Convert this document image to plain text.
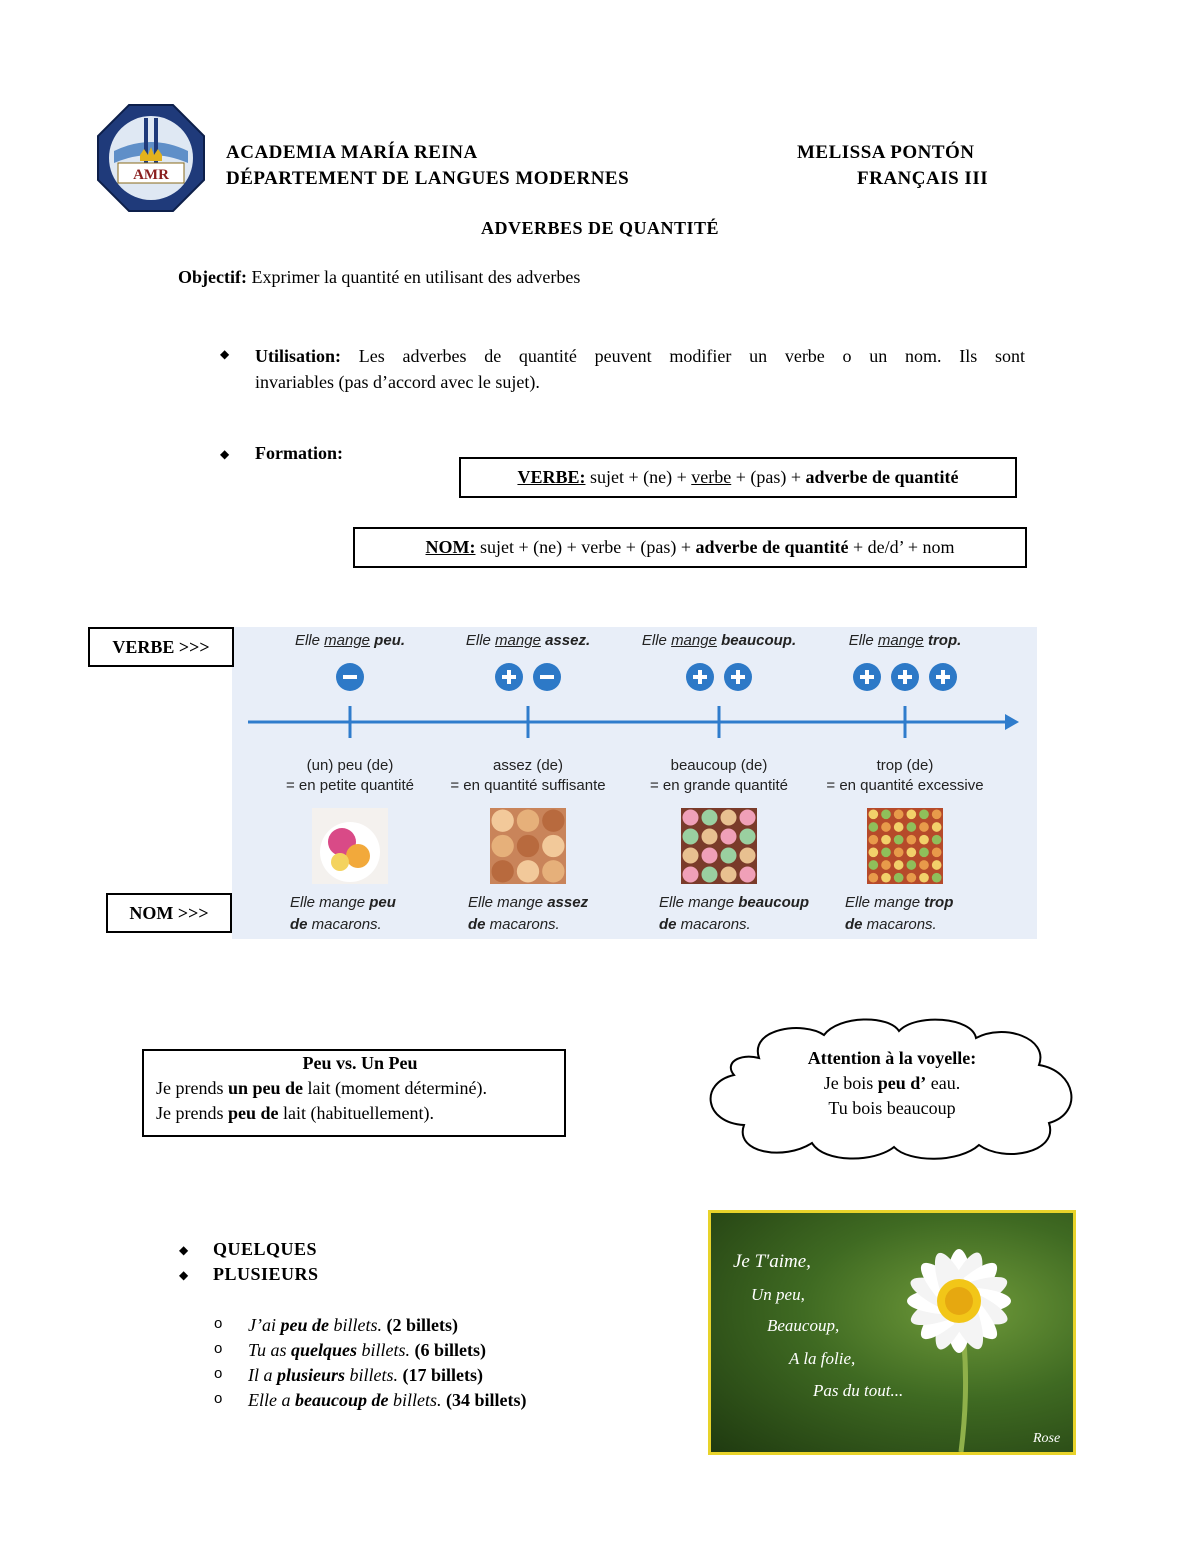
AMR
ACADEMIA MARÍA REINA
DÉPARTEMENT DE LANGUES MODERNES
MELISSA PONTÓN
FRANÇAIS III
ADVERBES DE QUANTITÉ
Objectif: Exprimer la quantité en utilisant des adverbes
◆ Utilisation: Les adverbes de quantité peuvent modifier un verbe o un nom. Ils sont
invariables (pas d’accord avec le sujet).
◆ Formation:
VERBE: sujet + (ne) + verbe + (pas) + adverbe de quantité
NOM: sujet + (ne) + verbe + (pas) + adverbe de quantité + de/d’ + nom
VERBE >>>
NOM >>>
Elle mange peu.
(un) peu (de)
= en petite quantité
Elle mange peu
de macarons.
Elle mange assez.
assez (de)
= en quantité suffisante
Elle mange assez
de macarons.
Elle mange beaucoup.
beaucoup (de)
= en grande quantité
Elle mange beaucoup
de macarons.
Elle mange trop.
trop (de)
= en quantité excessive
Elle mange trop
de macarons.
Peu vs. Un Peu
Je prends un peu de lait (moment déterminé).
Je prends peu de lait (habituellement).
Attention à la voyelle:
Je bois peu d’ eau.
Tu bois beaucoup
◆ QUELQUES
◆ PLUSIEURS
o J’ai peu de billets. (2 billets)
o Tu as quelques billets. (6 billets)
o Il a plusieurs billets. (17 billets)
o Elle a beaucoup de billets. (34 billets)
Je T'aime,
Un peu,
Beaucoup,
A la folie,
Pas du tout...
Rose
